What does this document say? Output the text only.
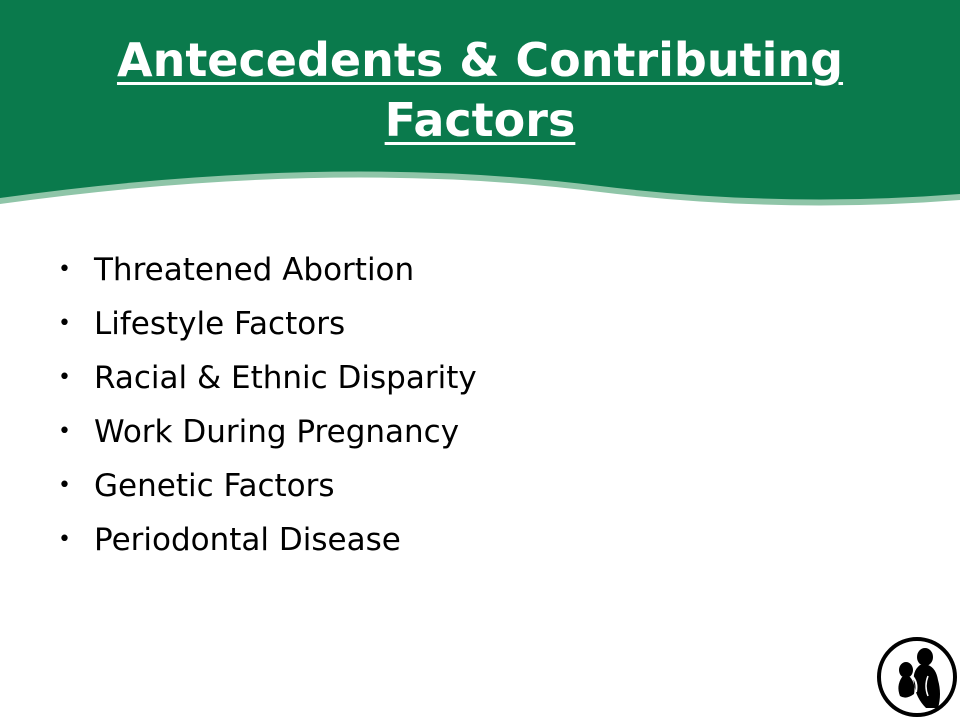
Antecedents & Contributing
Factors
• Threatened Abortion
• Lifestyle Factors
• Racial & Ethnic Disparity
• Work During Pregnancy
• Genetic Factors
• Periodontal Disease
